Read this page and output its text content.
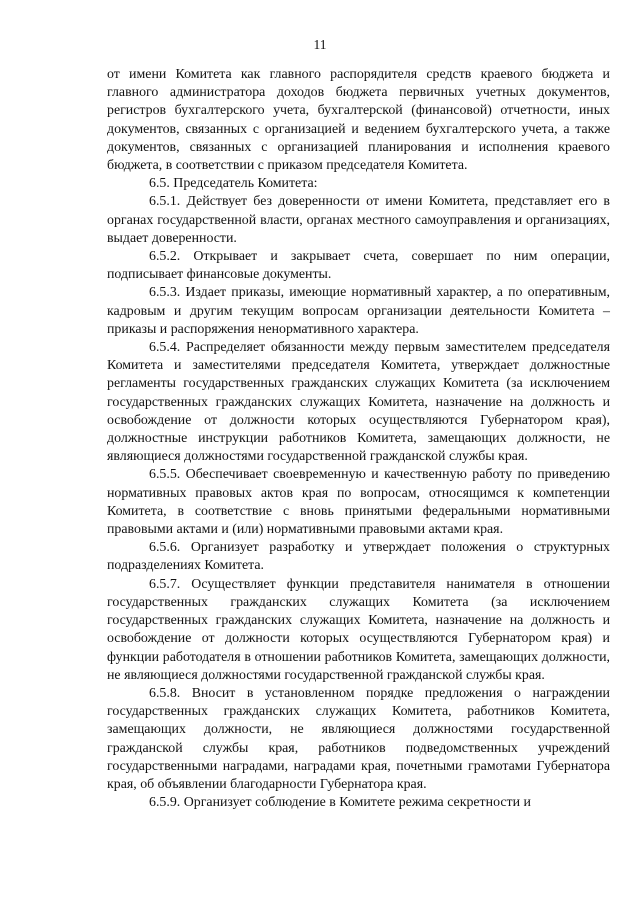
11

от имени Комитета как главного распорядителя средств краевого бюджета и главного администратора доходов бюджета первичных учетных документов, регистров бухгалтерского учета, бухгалтерской (финансовой) отчетности, иных документов, связанных с организацией и ведением бухгалтерского учета, а также документов, связанных с организацией планирования и исполнения краевого бюджета, в соответствии с приказом председателя Комитета.

6.5. Председатель Комитета:

6.5.1. Действует без доверенности от имени Комитета, представляет его в органах государственной власти, органах местного самоуправления и организациях, выдает доверенности.

6.5.2. Открывает и закрывает счета, совершает по ним операции, подписывает финансовые документы.

6.5.3. Издает приказы, имеющие нормативный характер, а по оперативным, кадровым и другим текущим вопросам организации деятельности Комитета – приказы и распоряжения ненормативного характера.

6.5.4. Распределяет обязанности между первым заместителем председателя Комитета и заместителями председателя Комитета, утверждает должностные регламенты государственных гражданских служащих Комитета (за исключением государственных гражданских служащих Комитета, назначение на должность и освобождение от должности которых осуществляются Губернатором края), должностные инструкции работников Комитета, замещающих должности, не являющиеся должностями государственной гражданской службы края.

6.5.5. Обеспечивает своевременную и качественную работу по приведению нормативных правовых актов края по вопросам, относящимся к компетенции Комитета, в соответствие с вновь принятыми федеральными нормативными правовыми актами и (или) нормативными правовыми актами края.

6.5.6. Организует разработку и утверждает положения о структурных подразделениях Комитета.

6.5.7. Осуществляет функции представителя нанимателя в отношении государственных гражданских служащих Комитета (за исключением государственных гражданских служащих Комитета, назначение на должность и освобождение от должности которых осуществляются Губернатором края) и функции работодателя в отношении работников Комитета, замещающих должности, не являющиеся должностями государственной гражданской службы края.

6.5.8. Вносит в установленном порядке предложения о награждении государственных гражданских служащих Комитета, работников Комитета, замещающих должности, не являющиеся должностями государственной гражданской службы края, работников подведомственных учреждений государственными наградами, наградами края, почетными грамотами Губернатора края, об объявлении благодарности Губернатора края.

6.5.9. Организует соблюдение в Комитете режима секретности и
